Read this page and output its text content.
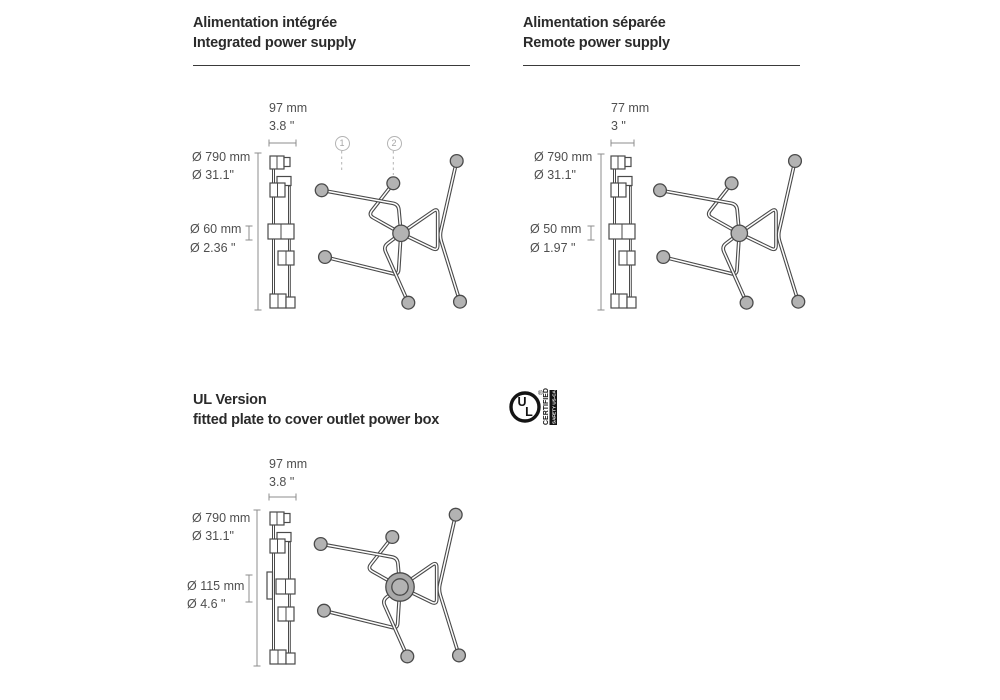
Alimentation intégrée
Integrated power supply
97 mm
3.8 "
Ø 790 mm
Ø 31.1"
Ø 60 mm
Ø 2.36 "
1	2
Alimentation séparée
Remote power supply
77 mm
3 "
Ø 790 mm
Ø 31.1"
Ø 50 mm
Ø 1.97 "
UL Version
fitted plate to cover outlet power box
U
L
® CERTIFIED SAFETY US-CA
97 mm
3.8 "
Ø 790 mm
Ø 31.1"
Ø 115 mm
Ø 4.6 "
